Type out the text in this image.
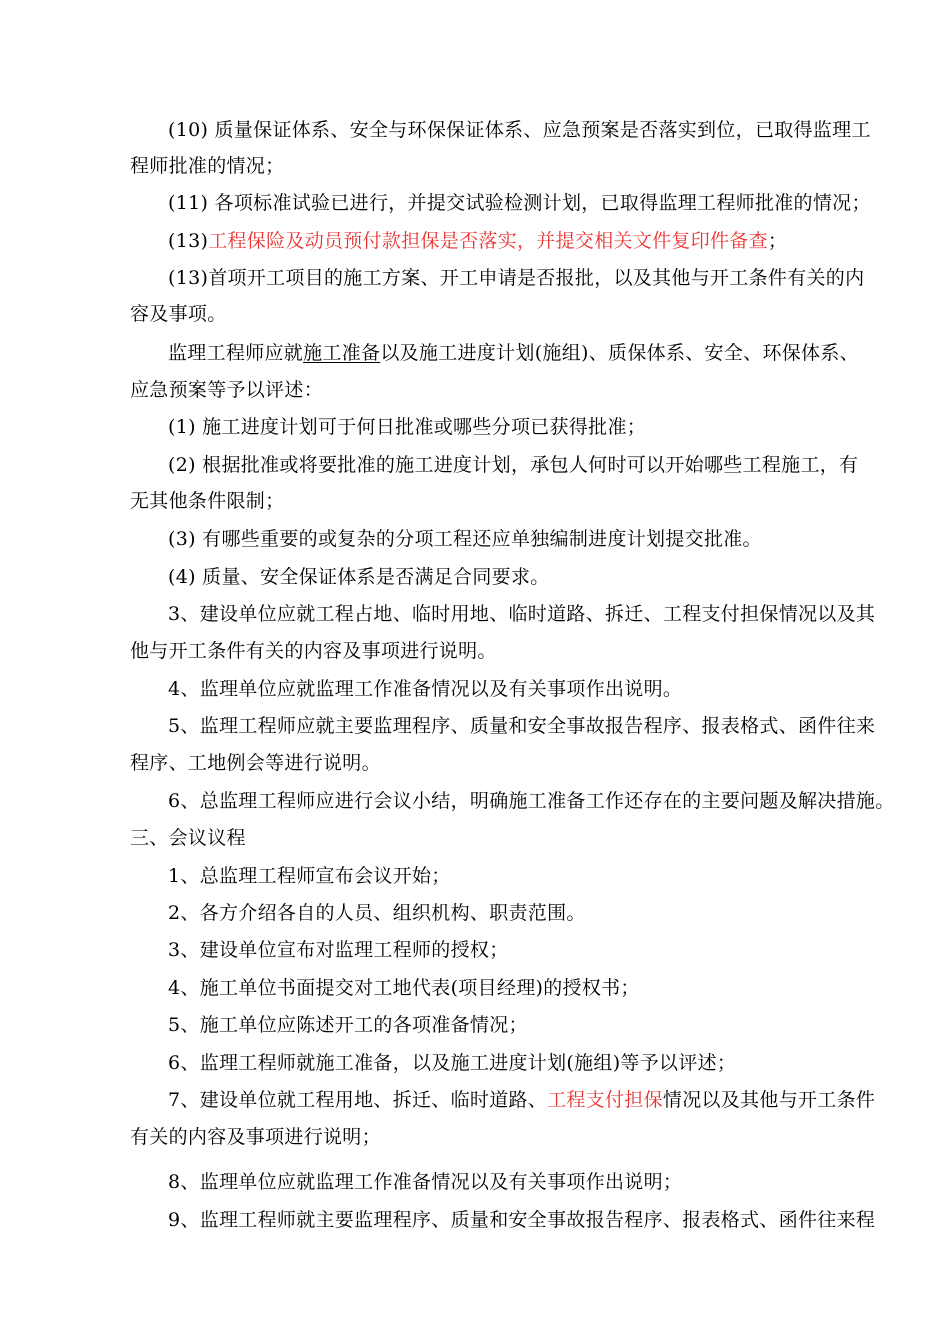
(10) 质量保证体系、安全与环保保证体系、应急预案是否落实到位，已取得监理工
程师批准的情况；
(11) 各项标准试验已进行，并提交试验检测计划，已取得监理工程师批准的情况；
(13)工程保险及动员预付款担保是否落实，并提交相关文件复印件备查；
(13)首项开工项目的施工方案、开工申请是否报批，以及其他与开工条件有关的内
容及事项。
监理工程师应就施工准备以及施工进度计划(施组)、质保体系、安全、环保体系、
应急预案等予以评述：
(1) 施工进度计划可于何日批准或哪些分项已获得批准；
(2) 根据批准或将要批准的施工进度计划，承包人何时可以开始哪些工程施工，有
无其他条件限制；
(3) 有哪些重要的或复杂的分项工程还应单独编制进度计划提交批准。
(4) 质量、安全保证体系是否满足合同要求。
3、建设单位应就工程占地、临时用地、临时道路、拆迁、工程支付担保情况以及其
他与开工条件有关的内容及事项进行说明。
4、监理单位应就监理工作准备情况以及有关事项作出说明。
5、监理工程师应就主要监理程序、质量和安全事故报告程序、报表格式、函件往来
程序、工地例会等进行说明。
6、总监理工程师应进行会议小结，明确施工准备工作还存在的主要问题及解决措施。
三、会议议程
1、总监理工程师宣布会议开始；
2、各方介绍各自的人员、组织机构、职责范围。
3、建设单位宣布对监理工程师的授权；
4、施工单位书面提交对工地代表(项目经理)的授权书；
5、施工单位应陈述开工的各项准备情况；
6、监理工程师就施工准备，以及施工进度计划(施组)等予以评述；
7、建设单位就工程用地、拆迁、临时道路、工程支付担保情况以及其他与开工条件
有关的内容及事项进行说明；
8、监理单位应就监理工作准备情况以及有关事项作出说明；
9、监理工程师就主要监理程序、质量和安全事故报告程序、报表格式、函件往来程
